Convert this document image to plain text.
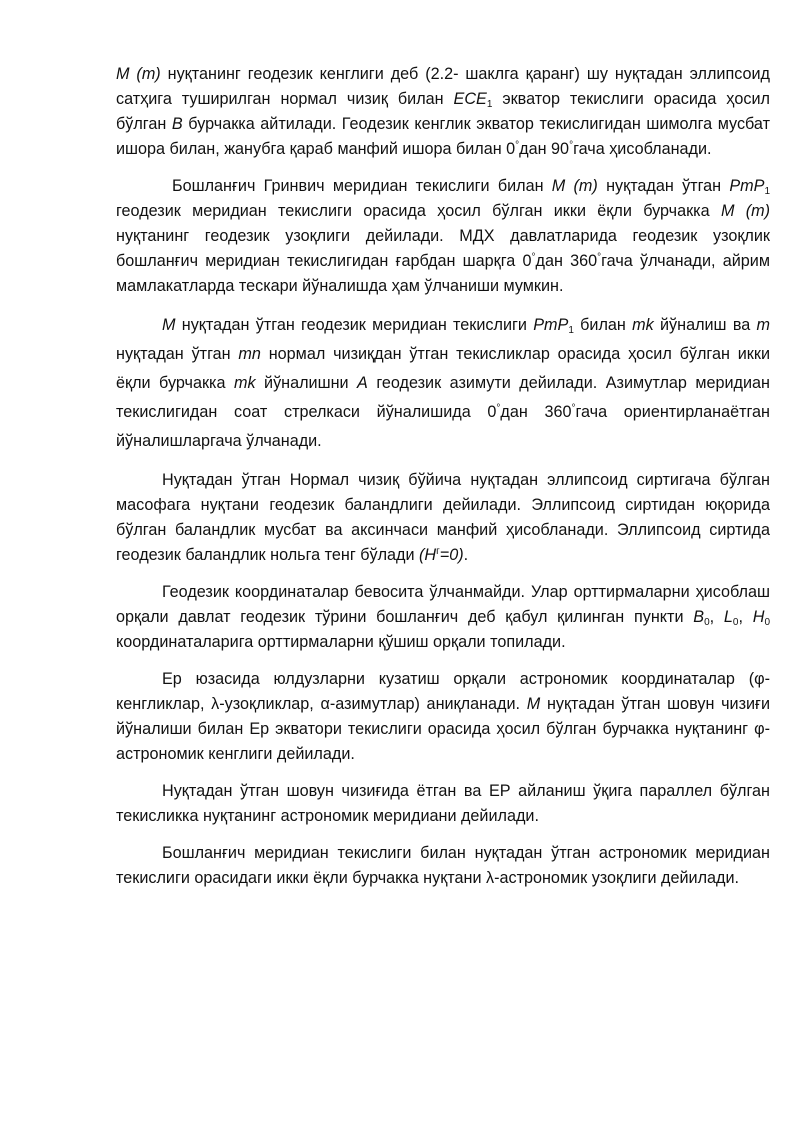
M (m) нуқтанинг геодезик кенглиги деб (2.2- шаклга қаранг) шу нуқтадан эллипсоид сатҳига туширилган нормал чизиқ билан $ECE_1$ экватор текислиги орасида ҳосил бўлган B бурчакка айтилади. Геодезик кенглик экватор текислигидан шимолга мусбат ишора билан, жанубга қараб манфий ишора билан 0°дан 90°гача ҳисобланади.

Бошланғич Гринвич меридиан текислиги билан M (m) нуқтадан ўтган PmP$_1$ геодезик меридиан текислиги орасида ҳосил бўлган икки ёқли бурчакка M (m) нуқтанинг геодезик узоқлиги дейилади. МДХ давлатларида геодезик узоқлик бошланғич меридиан текислигидан ғарбдан шарқга 0°дан 360°гача ўлчанади, айрим мамлакатларда тескари йўналишда ҳам ўлчаниши мумкин.

M нуқтадан ўтган геодезик меридиан текислиги PmP$_1$ билан mk йўналиш ва m нуқтадан ўтган mn нормал чизиқдан ўтган текисликлар орасида ҳосил бўлган икки ёқли бурчакка mk йўналишни A геодезик азимути дейилади. Азимутлар меридиан текислигидан соат стрелкаси йўналишида 0°дан 360°гача ориентирланаётган йўналишларгача ўлчанади.

Нуқтадан ўтган Нормал чизиқ бўйича нуқтадан эллипсоид сиртигача бўлган масофага нуқтани геодезик баландлиги дейилади. Эллипсоид сиртидан юқорида бўлган баландлик мусбат ва аксинчаси манфий ҳисобланади. Эллипсоид сиртида геодезик баландлик нольга тенг бўлади $(H^г=0)$.

Геодезик координаталар бевосита ўлчанмайди. Улар орттирмаларни ҳисоблаш орқали давлат геодезик тўрини бошланғич деб қабул қилинган пункти $B_0$, $L_0$, $H_0$ координаталарига орттирмаларни қўшиш орқали топилади.

Ер юзасида юлдузларни кузатиш орқали астрономик координаталар (φ-кенгликлар, λ-узоқликлар, α-азимутлар) аниқланади. M нуқтадан ўтган шовун чизиғи йўналиши билан Ер экватори текислиги орасида ҳосил бўлган бурчакка нуқтанинг φ-астрономик кенглиги дейилади.

Нуқтадан ўтган шовун чизиғида ётган ва ЕР айланиш ўқига параллел бўлган текисликка нуқтанинг астрономик меридиани дейилади.

Бошланғич меридиан текислиги билан нуқтадан ўтган астрономик меридиан текислиги орасидаги икки ёқли бурчакка нуқтани λ-астрономик узоқлиги дейилади.
